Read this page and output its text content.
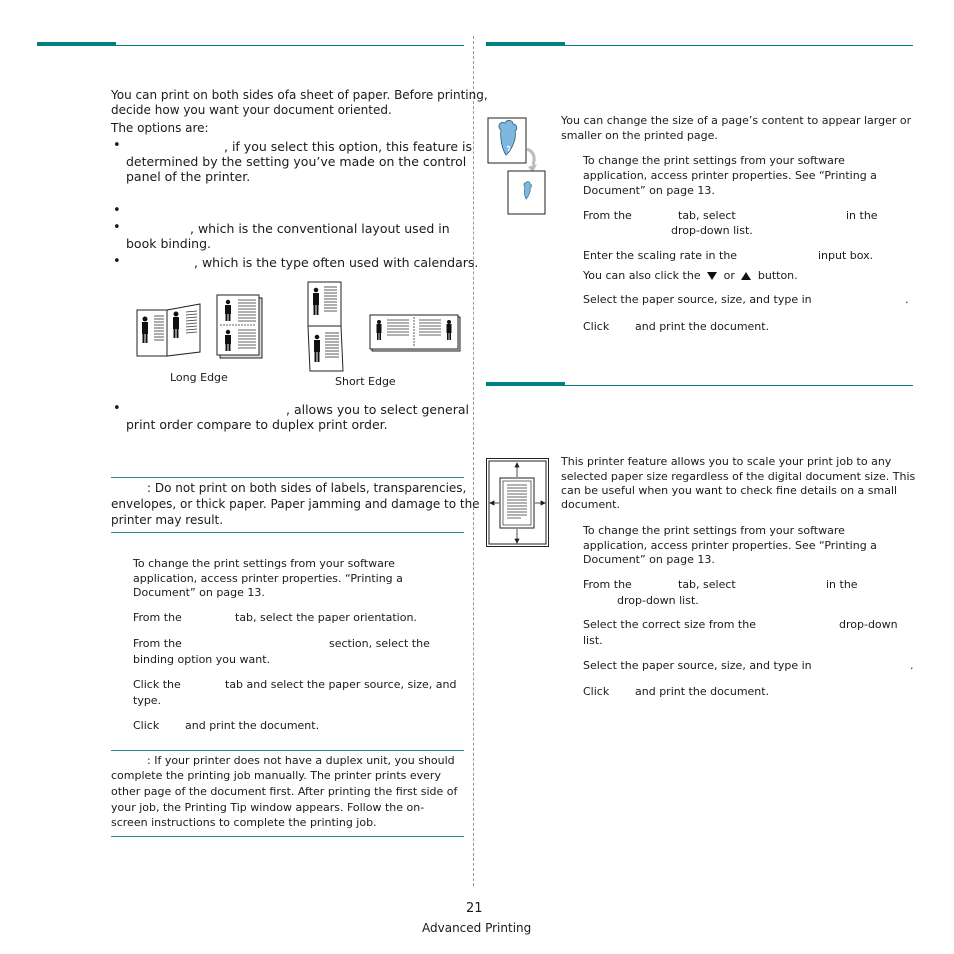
You can print on both sides ofa sheet of paper. Before printing,
decide how you want your document oriented.
The options are:
•	, if you select this option, this feature is
determined by the setting you’ve made on the control
panel of the printer.
•
•	, which is the conventional layout used in
book binding.
•	, which is the type often used with calendars.
Long Edge	Short Edge
•	, allows you to select general
print order compare to duplex print order.
: Do not print on both sides of labels, transparencies,
envelopes, or thick paper. Paper jamming and damage to the
printer may result.
To change the print settings from your software
application, access printer properties. “Printing a
Document” on page 13.
From the	tab, select the paper orientation.
From the	section, select the
binding option you want.
Click the	tab and select the paper source, size, and
type.
Click and print the document.
: If your printer does not have a duplex unit, you should
complete the printing job manually. The printer prints every
other page of the document first. After printing the first side of
your job, the Printing Tip window appears. Follow the on-
screen instructions to complete the printing job.
You can change the size of a page’s content to appear larger or
smaller on the printed page.
To change the print settings from your software
application, access printer properties. See “Printing a
Document” on page 13.
From the	tab, select	in the
drop-down list.
Enter the scaling rate in the	input box.
You can also click the or button.
Select the paper source, size, and type in	.
Click and print the document.
This printer feature allows you to scale your print job to any
selected paper size regardless of the digital document size. This
can be useful when you want to check fine details on a small
document.
To change the print settings from your software
application, access printer properties. See “Printing a
Document” on page 13.
From the	tab, select	in the
drop-down list.
Select the correct size from the	drop-down
list.
Select the paper source, size, and type in	.
Click and print the document.
21
Advanced Printing
